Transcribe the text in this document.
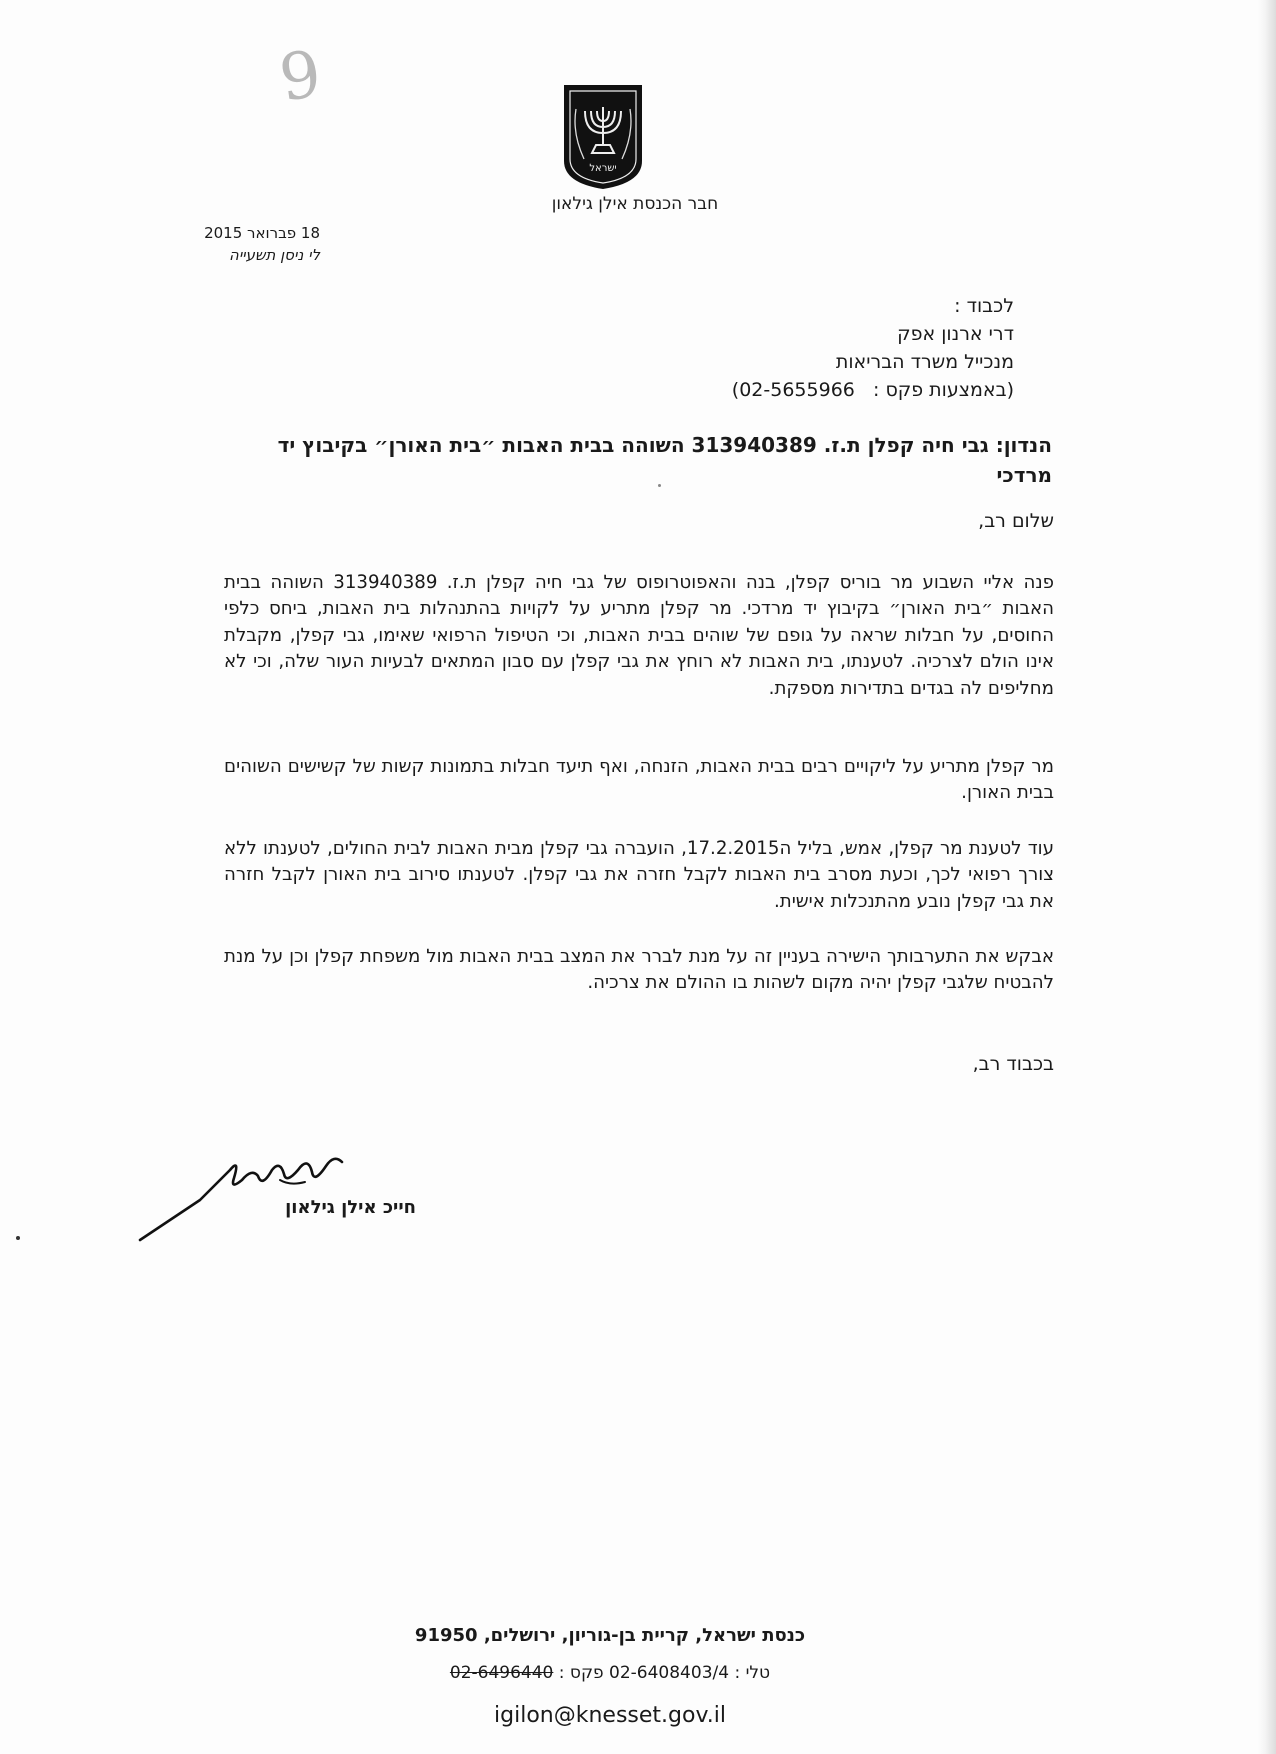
9
ישראל
חבר הכנסת אילן גילאון
18 פברואר 2015
לי ניסן תשעייה
לכבוד :
דרי ארנון אפק
מנכייל משרד הבריאות
(באמצעות פקס :   02-5655966)
הנדון: גבי חיה קפלן ת.ז. 313940389 השוהה בבית האבות ״בית האורן״ בקיבוץ יד
מרדכי
שלום רב,
פנה אליי השבוע מר בוריס קפלן, בנה והאפוטרופוס של גבי חיה קפלן ת.ז. 313940389 השוהה בבית האבות ״בית האורן״ בקיבוץ יד מרדכי. מר קפלן מתריע על לקויות בהתנהלות בית האבות, ביחס כלפי החוסים, על חבלות שראה על גופם של שוהים בבית האבות, וכי הטיפול הרפואי שאימו, גבי קפלן, מקבלת אינו הולם לצרכיה. לטענתו, בית האבות לא רוחץ את גבי קפלן עם סבון המתאים לבעיות העור שלה, וכי לא מחליפים לה בגדים בתדירות מספקת.
מר קפלן מתריע על ליקויים רבים בבית האבות, הזנחה, ואף תיעד חבלות בתמונות קשות של קשישים השוהים בבית האורן.
עוד לטענת מר קפלן, אמש, בליל ה17.2.2015, הועברה גבי קפלן מבית האבות לבית החולים, לטענתו ללא צורך רפואי לכך, וכעת מסרב בית האבות לקבל חזרה את גבי קפלן. לטענתו סירוב בית האורן לקבל חזרה את גבי קפלן נובע מהתנכלות אישית.
אבקש את התערבותך הישירה בעניין זה על מנת לברר את המצב בבית האבות מול משפחת קפלן וכן על מנת להבטיח שלגבי קפלן יהיה מקום לשהות בו ההולם את צרכיה.
בכבוד רב,
חייכ אילן גילאון
כנסת ישראל, קריית בן-גוריון, ירושלים, 91950
טלי : 02-6408403/4 פקס : 02-6496440
igilon@knesset.gov.il
